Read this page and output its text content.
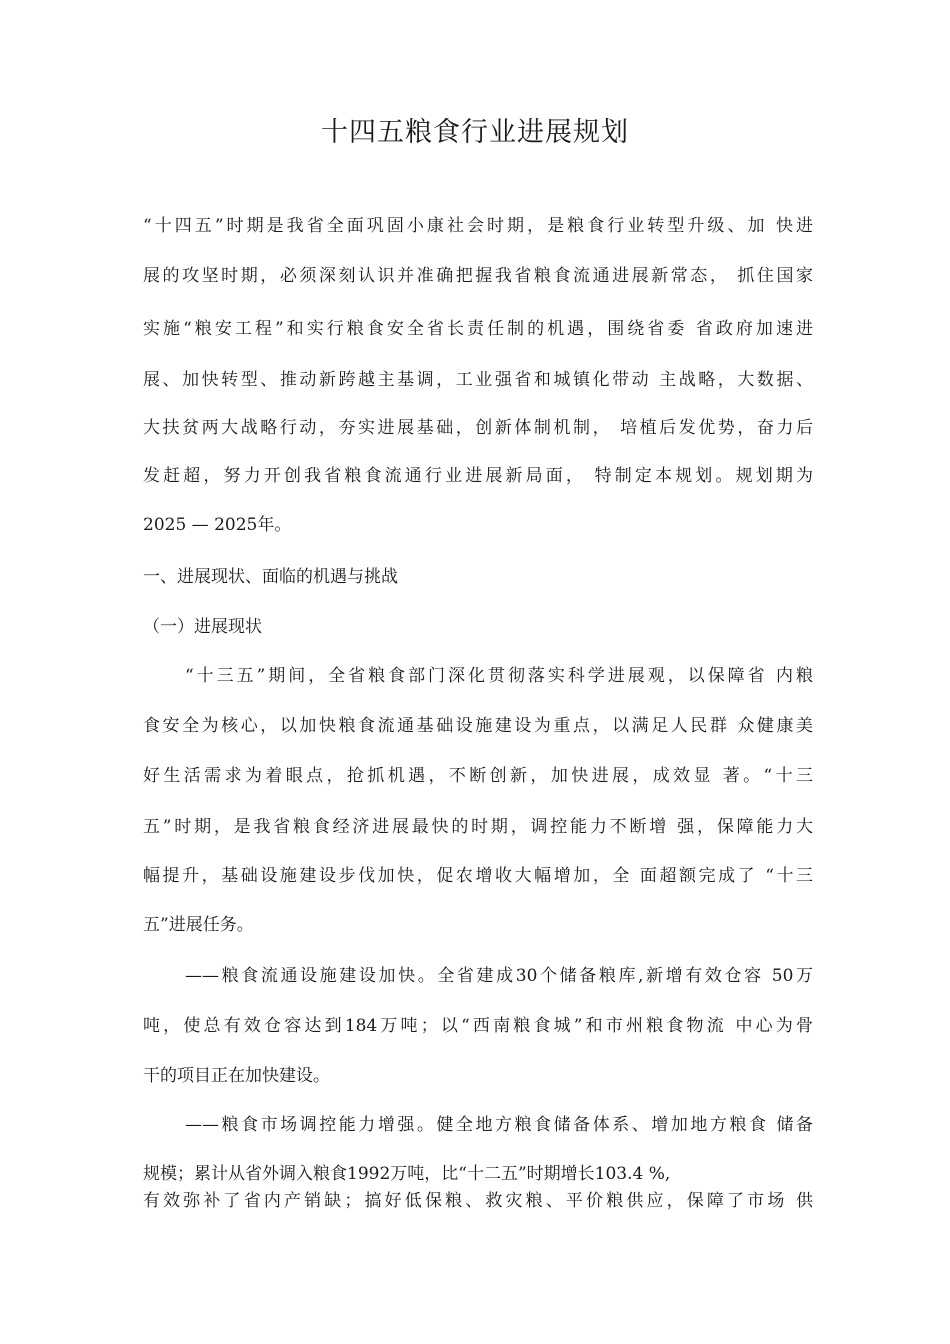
十四五粮食行业进展规划

“十四五”时期是我省全面巩固小康社会时期，是粮食行业转型升级、加 快进

展的攻坚时期，必须深刻认识并准确把握我省粮食流通进展新常态， 抓住国家

实施“粮安工程”和实行粮食安全省长责任制的机遇，围绕省委 省政府加速进

展、加快转型、推动新跨越主基调，工业强省和城镇化带动 主战略，大数据、

大扶贫两大战略行动，夯实进展基础，创新体制机制， 培植后发优势，奋力后

发赶超，努力开创我省粮食流通行业进展新局面， 特制定本规划。规划期为

2025 — 2025年。

一、进展现状、面临的机遇与挑战

（一）进展现状

“十三五”期间，全省粮食部门深化贯彻落实科学进展观，以保障省 内粮

食安全为核心，以加快粮食流通基础设施建设为重点，以满足人民群 众健康美

好生活需求为着眼点，抢抓机遇，不断创新，加快进展，成效显 著。“十三

五”时期，是我省粮食经济进展最快的时期，调控能力不断增 强，保障能力大

幅提升，基础设施建设步伐加快，促农增收大幅增加，全 面超额完成了 “十三

五”进展任务。

——粮食流通设施建设加快。全省建成30个储备粮库,新增有效仓容 50万

吨，使总有效仓容达到184万吨；以“西南粮食城”和市州粮食物流 中心为骨

干的项目正在加快建设。

——粮食市场调控能力增强。健全地方粮食储备体系、增加地方粮食 储备

规模；累计从省外调入粮食1992万吨，比“十二五”时期增长103.4 %,

有效弥补了省内产销缺；搞好低保粮、救灾粮、平价粮供应，保障了市场 供
